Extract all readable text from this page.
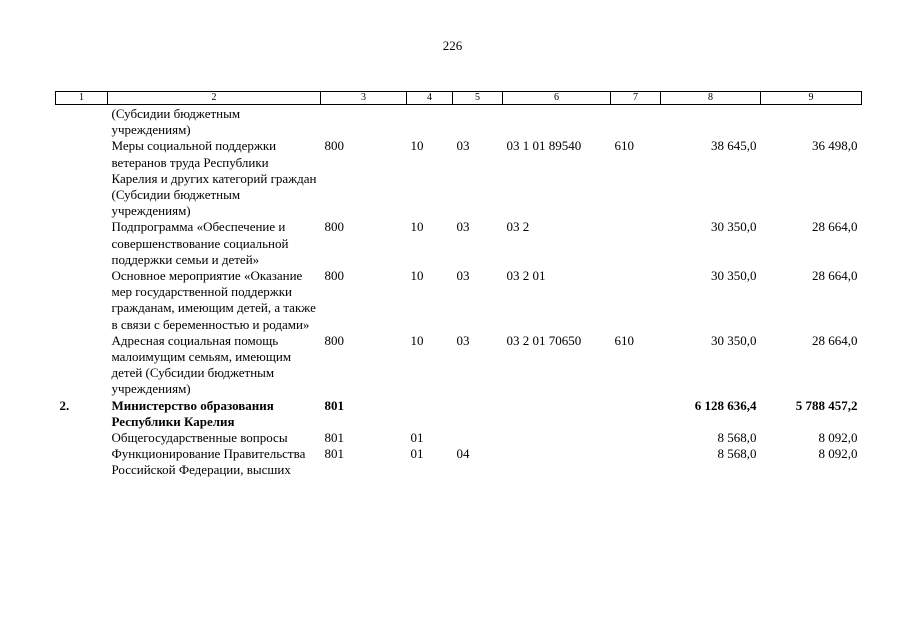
226
1	2	3	4	5	6	7	8	9
	(Субсидии бюджетным учреждениям)							
	Меры социальной поддержки ветеранов труда Республики Карелия и других категорий граждан (Субсидии бюджетным учреждениям)	800	10	03	03 1 01 89540	610	38 645,0	36 498,0
	Подпрограмма «Обеспечение и совершенствование социальной поддержки семьи и детей»	800	10	03	03 2		30 350,0	28 664,0
	Основное мероприятие «Оказание мер государственной поддержки гражданам, имеющим детей, а также в связи с беременностью и родами»	800	10	03	03 2 01		30 350,0	28 664,0
	Адресная социальная помощь малоимущим семьям, имеющим детей (Субсидии бюджетным учреждениям)	800	10	03	03 2 01 70650	610	30 350,0	28 664,0
2.	Министерство образования Республики Карелия	801					6 128 636,4	5 788 457,2
	Общегосударственные вопросы	801	01				8 568,0	8 092,0
	Функционирование Правительства Российской Федерации, высших	801	01	04			8 568,0	8 092,0
